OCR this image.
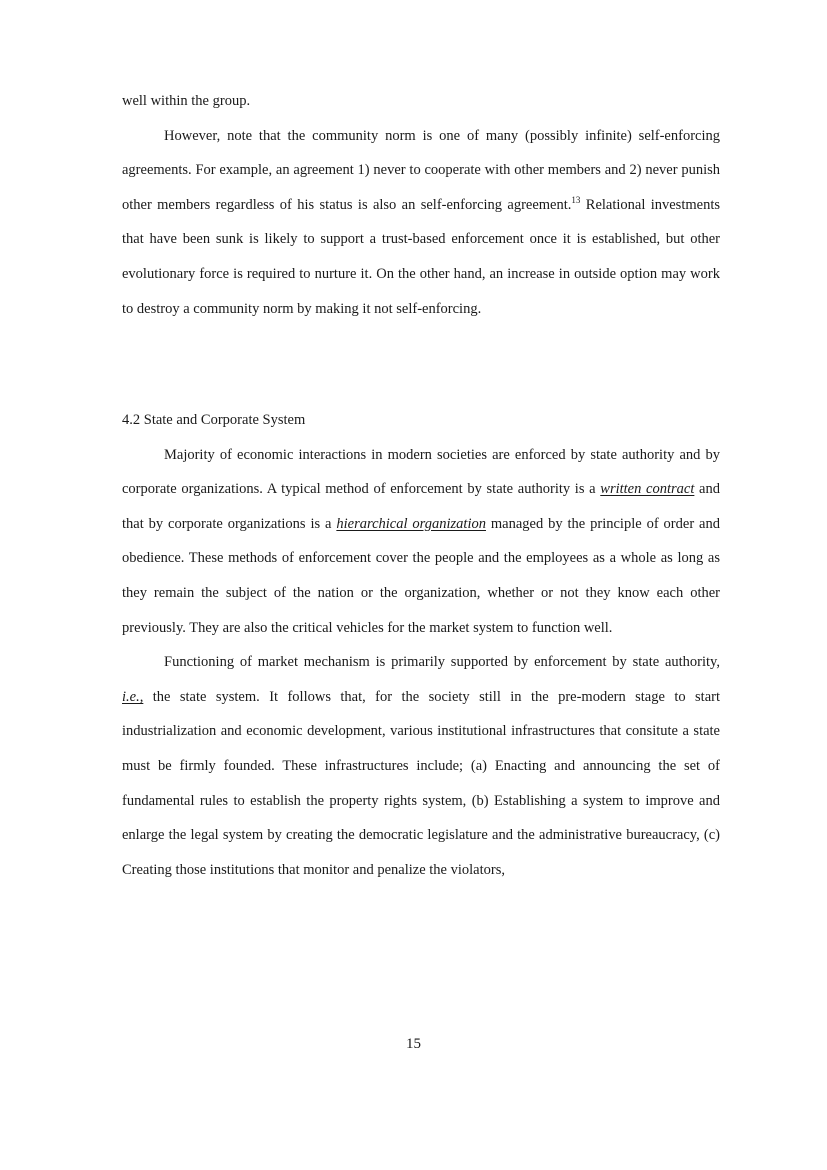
well within the group.

However, note that the community norm is one of many (possibly infinite) self-enforcing agreements. For example, an agreement 1) never to cooperate with other members and 2) never punish other members regardless of his status is also an self-enforcing agreement.$^{13}$ Relational investments that have been sunk is likely to support a trust-based enforcement once it is established, but other evolutionary force is required to nurture it. On the other hand, an increase in outside option may work to destroy a community norm by making it not self-enforcing.

4.2 State and Corporate System

Majority of economic interactions in modern societies are enforced by state authority and by corporate organizations. A typical method of enforcement by state authority is a written contract and that by corporate organizations is a hierarchical organization managed by the principle of order and obedience. These methods of enforcement cover the people and the employees as a whole as long as they remain the subject of the nation or the organization, whether or not they know each other previously. They are also the critical vehicles for the market system to function well.

Functioning of market mechanism is primarily supported by enforcement by state authority, i.e., the state system. It follows that, for the society still in the pre-modern stage to start industrialization and economic development, various institutional infrastructures that consitute a state must be firmly founded. These infrastructures include; (a) Enacting and announcing the set of fundamental rules to establish the property rights system, (b) Establishing a system to improve and enlarge the legal system by creating the democratic legislature and the administrative bureaucracy, (c) Creating those institutions that monitor and penalize the violators,

15
